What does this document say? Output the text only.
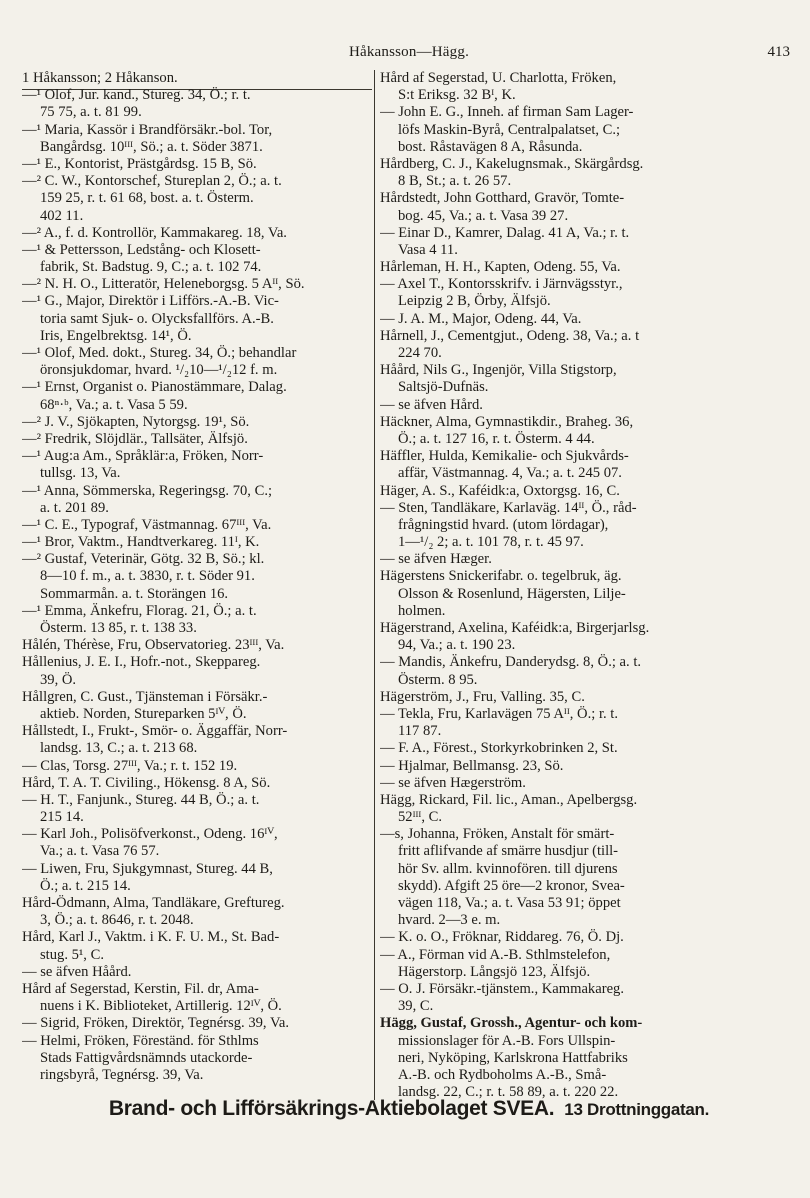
Håkansson—Hägg.	413
1 Håkansson; 2 Håkanson.
—¹ Olof, Jur. kand., Stureg. 34, Ö.; r. t.
75 75, a. t. 81 99.
—¹ Maria, Kassör i Brandförsäkr.-bol. Tor,
Bangårdsg. 10ᴵᴵᴵ, Sö.; a. t. Söder 3871.
—¹ E., Kontorist, Prästgårdsg. 15 B, Sö.
—² C. W., Kontorschef, Stureplan 2, Ö.; a. t.
159 25, r. t. 61 68, bost. a. t. Österm.
402 11.
—² A., f. d. Kontrollör, Kammakareg. 18, Va.
—¹ & Pettersson, Ledstång- och Klosett-
fabrik, St. Badstug. 9, C.; a. t. 102 74.
—² N. H. O., Litteratör, Heleneborgsg. 5 Aᴵᴵ, Sö.
—¹ G., Major, Direktör i Lifförs.-A.-B. Vic-
toria samt Sjuk- o. Olycksfallförs. A.-B.
Iris, Engelbrektsg. 14¹, Ö.
—¹ Olof, Med. dokt., Stureg. 34, Ö.; behandlar
öronsjukdomar, hvard. ¹/₂10—¹/₂12 f. m.
—¹ Ernst, Organist o. Pianostämmare, Dalag.
68ⁿ·ᵇ, Va.; a. t. Vasa 5 59.
—² J. V., Sjökapten, Nytorgsg. 19¹, Sö.
—² Fredrik, Slöjdlär., Tallsäter, Älfsjö.
—¹ Aug:a Am., Språklär:a, Fröken, Norr-
tullsg. 13, Va.
—¹ Anna, Sömmerska, Regeringsg. 70, C.;
a. t. 201 89.
—¹ C. E., Typograf, Västmannag. 67ᴵᴵᴵ, Va.
—¹ Bror, Vaktm., Handtverkareg. 11ᴵ, K.
—² Gustaf, Veterinär, Götg. 32 B, Sö.; kl.
8—10 f. m., a. t. 3830, r. t. Söder 91.
Sommarmån. a. t. Storängen 16.
—¹ Emma, Änkefru, Florag. 21, Ö.; a. t.
Österm. 13 85, r. t. 138 33.
Hålén, Thérèse, Fru, Observatorieg. 23ᴵᴵᴵ, Va.
Hållenius, J. E. I., Hofr.-not., Skeppareg.
39, Ö.
Hållgren, C. Gust., Tjänsteman i Försäkr.-
aktieb. Norden, Stureparken 5ᴵⱽ, Ö.
Hållstedt, I., Frukt-, Smör- o. Äggaffär, Norr-
landsg. 13, C.; a. t. 213 68.
— Clas, Torsg. 27ᴵᴵᴵ, Va.; r. t. 152 19.
Hård, T. A. T. Civiling., Hökensg. 8 A, Sö.
— H. T., Fanjunk., Stureg. 44 B, Ö.; a. t.
215 14.
— Karl Joh., Polisöfverkonst., Odeng. 16ᴵⱽ,
Va.; a. t. Vasa 76 57.
— Liwen, Fru, Sjukgymnast, Stureg. 44 B,
Ö.; a. t. 215 14.
Hård-Ödmann, Alma, Tandläkare, Greftureg.
3, Ö.; a. t. 8646, r. t. 2048.
Hård, Karl J., Vaktm. i K. F. U. M., St. Bad-
stug. 5¹, C.
— se äfven Håård.
Hård af Segerstad, Kerstin, Fil. dr, Ama-
nuens i K. Biblioteket, Artillerig. 12ᴵⱽ, Ö.
— Sigrid, Fröken, Direktör, Tegnérsg. 39, Va.
— Helmi, Fröken, Föreständ. för Sthlms
Stads Fattigvårdsnämnds utackorde-
ringsbyrå, Tegnérsg. 39, Va.
Hård af Segerstad, U. Charlotta, Fröken,
S:t Eriksg. 32 Bᴵ, K.
— John E. G., Inneh. af firman Sam Lager-
löfs Maskin-Byrå, Centralpalatset, C.;
bost. Råstavägen 8 A, Råsunda.
Hårdberg, C. J., Kakelugnsmak., Skärgårdsg.
8 B, St.; a. t. 26 57.
Hårdstedt, John Gotthard, Gravör, Tomte-
bog. 45, Va.; a. t. Vasa 39 27.
— Einar D., Kamrer, Dalag. 41 A, Va.; r. t.
Vasa 4 11.
Hårleman, H. H., Kapten, Odeng. 55, Va.
— Axel T., Kontorsskrifv. i Järnvägsstyr.,
Leipzig 2 B, Örby, Älfsjö.
— J. A. M., Major, Odeng. 44, Va.
Hårnell, J., Cementgjut., Odeng. 38, Va.; a. t
224 70.
Håård, Nils G., Ingenjör, Villa Stigstorp,
Saltsjö-Dufnäs.
— se äfven Hård.
Häckner, Alma, Gymnastikdir., Braheg. 36,
Ö.; a. t. 127 16, r. t. Österm. 4 44.
Häffler, Hulda, Kemikalie- och Sjukvårds-
affär, Västmannag. 4, Va.; a. t. 245 07.
Häger, A. S., Kaféidk:a, Oxtorgsg. 16, C.
— Sten, Tandläkare, Karlaväg. 14ᴵᴵ, Ö., råd-
frågningstid hvard. (utom lördagar),
1—¹/₂ 2; a. t. 101 78, r. t. 45 97.
— se äfven Hæger.
Hägerstens Snickerifabr. o. tegelbruk, äg.
Olsson & Rosenlund, Hägersten, Lilje-
holmen.
Hägerstrand, Axelina, Kaféidk:a, Birgerjarlsg.
94, Va.; a. t. 190 23.
— Mandis, Änkefru, Danderydsg. 8, Ö.; a. t.
Österm. 8 95.
Hägerström, J., Fru, Valling. 35, C.
— Tekla, Fru, Karlavägen 75 Aᴵᴵ, Ö.; r. t.
117 87.
— F. A., Förest., Storkyrkobrinken 2, St.
— Hjalmar, Bellmansg. 23, Sö.
— se äfven Hægerström.
Hägg, Rickard, Fil. lic., Aman., Apelbergsg.
52ᴵᴵᴵ, C.
—s, Johanna, Fröken, Anstalt för smärt-
fritt aflifvande af smärre husdjur (till-
hör Sv. allm. kvinnofören. till djurens
skydd). Afgift 25 öre—2 kronor, Svea-
vägen 118, Va.; a. t. Vasa 53 91; öppet
hvard. 2—3 e. m.
— K. o. O., Fröknar, Riddareg. 76, Ö. Dj.
— A., Förman vid A.-B. Sthlmstelefon,
Hägerstorp. Långsjö 123, Älfsjö.
— O. J. Försäkr.-tjänstem., Kammakareg.
39, C.
Hägg, Gustaf, Grossh., Agentur- och kom-
missionslager för A.-B. Fors Ullspin-
neri, Nyköping, Karlskrona Hattfabriks
A.-B. och Rydboholms A.-B., Små-
landsg. 22, C.; r. t. 58 89, a. t. 220 22.
Brand- och Lifförsäkrings-Aktiebolaget SVEA. 13 Drottninggatan.
